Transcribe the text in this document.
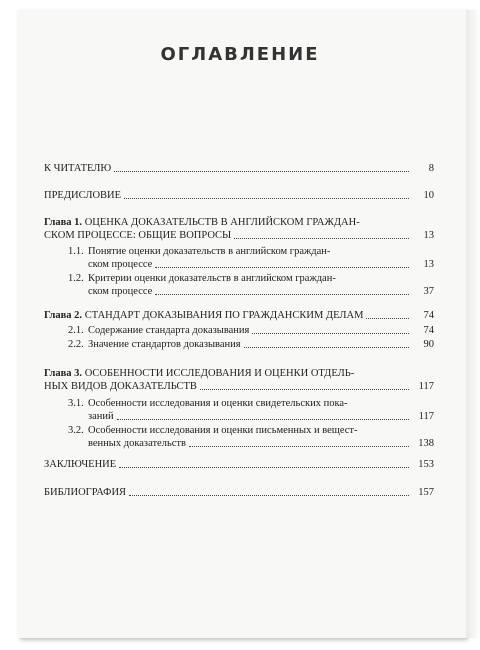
ОГЛАВЛЕНИЕ
К ЧИТАТЕЛЮ	8
ПРЕДИСЛОВИЕ	10
Глава 1. ОЦЕНКА ДОКАЗАТЕЛЬСТВ В АНГЛИЙСКОМ ГРАЖДАН-
СКОМ ПРОЦЕССЕ: ОБЩИЕ ВОПРОСЫ	13
1.1. Понятие оценки доказательств в английском граждан-
ском процессе	13
1.2. Критерии оценки доказательств в английском граждан-
ском процессе	37
Глава 2. СТАНДАРТ ДОКАЗЫВАНИЯ ПО ГРАЖДАНСКИМ ДЕЛАМ	74
2.1. Содержание стандарта доказывания	74
2.2. Значение стандартов доказывания	90
Глава 3. ОСОБЕННОСТИ ИССЛЕДОВАНИЯ И ОЦЕНКИ ОТДЕЛЬ-
НЫХ ВИДОВ ДОКАЗАТЕЛЬСТВ	117
3.1. Особенности исследования и оценки свидетельских пока-
заний	117
3.2. Особенности исследования и оценки письменных и вещест-
венных доказательств	138
ЗАКЛЮЧЕНИЕ	153
БИБЛИОГРАФИЯ	157
